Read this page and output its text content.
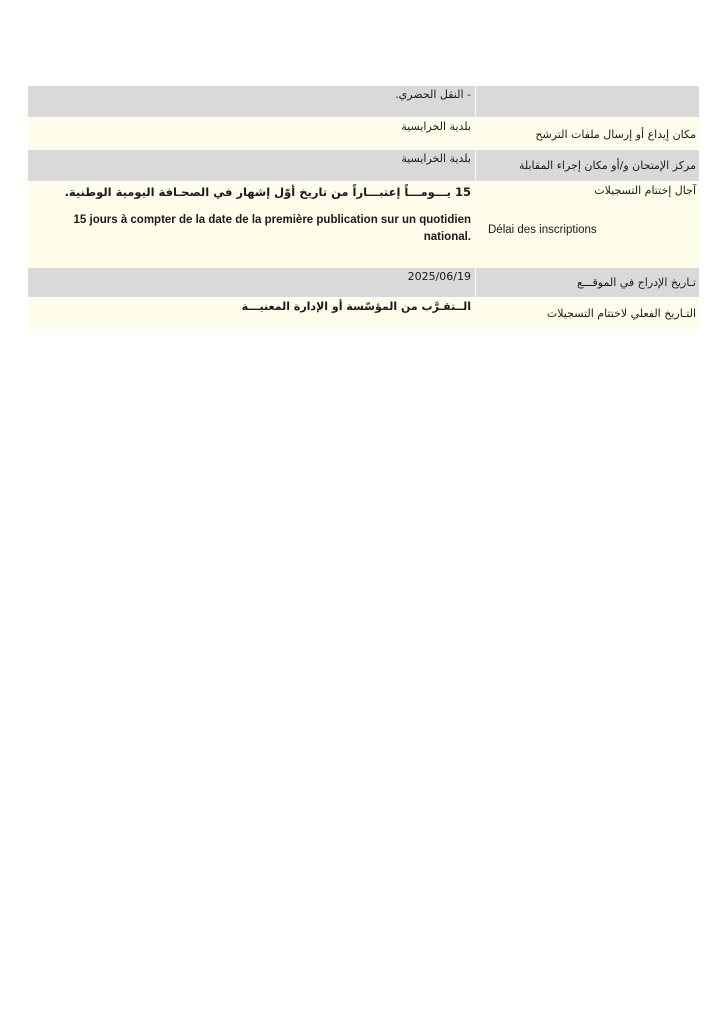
- النقل الحضري.
مكان إيداع أو إرسال ملفات الترشح
بلدية الخرايسية
مركز الإمتحان و/أو مكان إجراء المقابلة
بلدية الخرايسية
آجال إختتام التسجيلات
Délai des inscriptions
15 يـــومـــاً إعتبـــاراً من تاريخ أوّل إشهار في الصحـافة اليومية الوطنية.
15 jours à compter de la date de la première publication sur un quotidien national.
تـاريخ الإدراج في الموقـــع
2025/06/19
التـاريخ الفعلي لاختتام التسجيلات
الــتقـرَّب من المؤسّسة أو الإدارة المعنيـــة
